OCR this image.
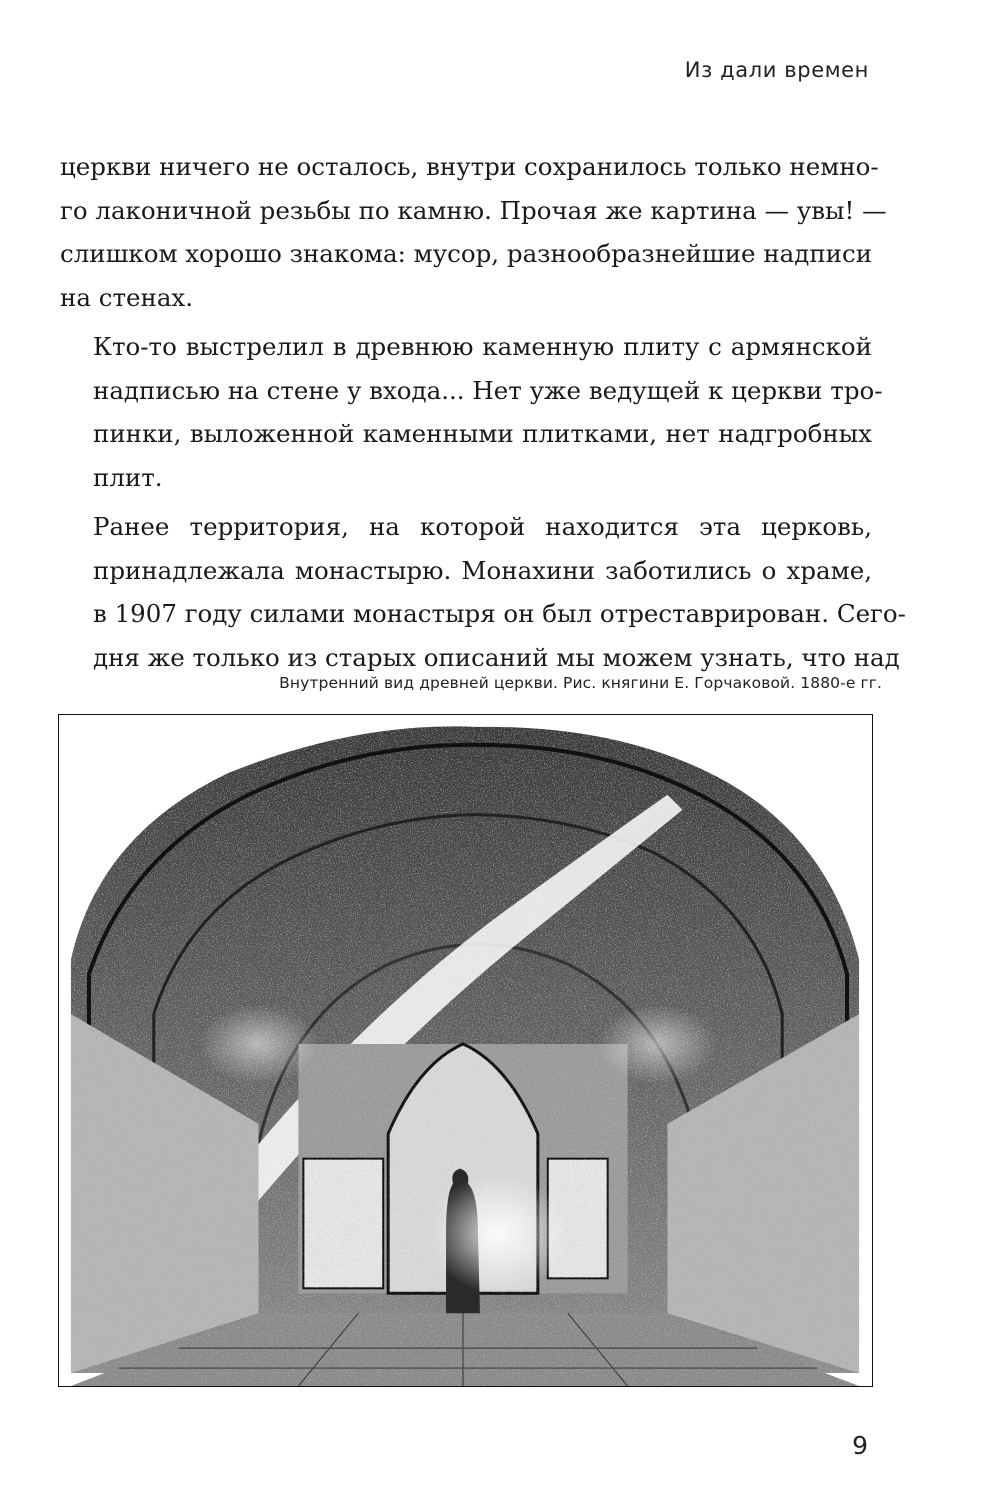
Из дали времен

церкви ничего не осталось, внутри сохранилось только немно-
го лаконичной резьбы по камню. Прочая же картина — увы! —
слишком хорошо знакома: мусор, разнообразнейшие надписи
на стенах.

Кто-то выстрелил в древнюю каменную плиту с армянской
надписью на стене у входа... Нет уже ведущей к церкви тро-
пинки, выложенной каменными плитками, нет надгробных
плит.

Ранее территория, на которой находится эта церковь,
принадлежала монастырю. Монахини заботились о храме,
в 1907 году силами монастыря он был отреставрирован. Сего-
дня же только из старых описаний мы можем узнать, что над

Внутренний вид древней церкви. Рис. княгини Е. Горчаковой. 1880-е гг.
9
